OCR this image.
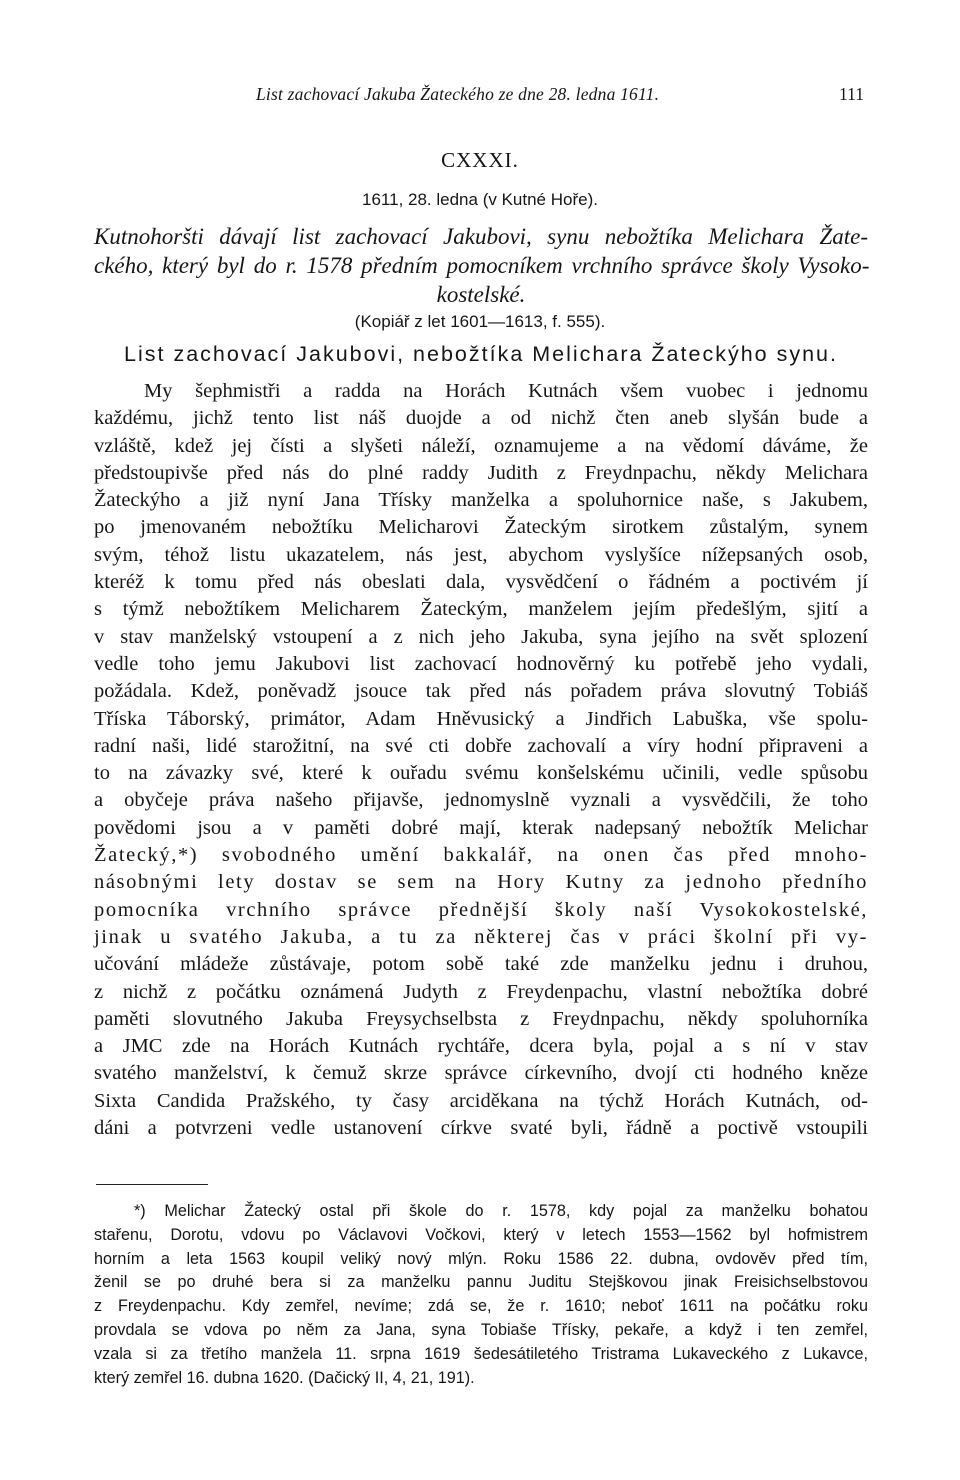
List zachovací Jakuba Žateckého ze dne 28. ledna 1611.	111
CXXXI.
1611, 28. ledna (v Kutné Hoře).
Kutnohoršti dávají list zachovací Jakubovi, synu nebožtíka Melichara Žate-
ckého, který byl do r. 1578 předním pomocníkem vrchního správce školy Vysoko-
kostelské.
(Kopiář z let 1601—1613, f. 555).
List zachovací Jakubovi, nebožtíka Melichara Žateckýho synu.
My šephmistři a radda na Horách Kutnách všem vuobec i jednomu
každému, jichž tento list náš duojde a od nichž čten aneb slyšán bude a
vzláště, kdež jej čísti a slyšeti náleží, oznamujeme a na vědomí dáváme, že
předstoupivše před nás do plné raddy Judith z Freydnpachu, někdy Melichara
Žateckýho a již nyní Jana Třísky manželka a spoluhornice naše, s Jakubem,
po jmenovaném nebožtíku Melicharovi Žateckým sirotkem zůstalým, synem
svým, téhož listu ukazatelem, nás jest, abychom vyslyšíce nížepsaných osob,
kteréž k tomu před nás obeslati dala, vysvědčení o řádném a poctivém jí
s týmž nebožtíkem Melicharem Žateckým, manželem jejím předešlým, sjití a
v stav manželský vstoupení a z nich jeho Jakuba, syna jejího na svět splození
vedle toho jemu Jakubovi list zachovací hodnověrný ku potřebě jeho vydali,
požádala. Kdež, poněvadž jsouce tak před nás pořadem práva slovutný Tobiáš
Tříska Táborský, primátor, Adam Hněvusický a Jindřich Labuška, vše spolu-
radní naši, lidé starožitní, na své cti dobře zachovalí a víry hodní připraveni a
to na závazky své, které k ouřadu svému konšelskému učinili, vedle spůsobu
a obyčeje práva našeho přijavše, jednomyslně vyznali a vysvědčili, že toho
povědomi jsou a v paměti dobré mají, kterak nadepsaný nebožtík Melichar
Žatecký,*) svobodného umění bakkalář, na onen čas před mnoho-
násobnými lety dostav se sem na Hory Kutny za jednoho předního
pomocníka vrchního správce přednější školy naší Vysokokostelské,
jinak u svatého Jakuba, a tu za některej čas v práci školní při vy-
učování mládeže zůstávaje, potom sobě také zde manželku jednu i druhou,
z nichž z počátku oznámená Judyth z Freydenpachu, vlastní nebožtíka dobré
paměti slovutného Jakuba Freysychselbsta z Freydnpachu, někdy spoluhorníka
a JMC zde na Horách Kutnách rychtáře, dcera byla, pojal a s ní v stav
svatého manželství, k čemuž skrze správce církevního, dvojí cti hodného kněze
Sixta Candida Pražského, ty časy arciděkana na týchž Horách Kutnách, od-
dáni a potvrzeni vedle ustanovení církve svaté byli, řádně a poctivě vstoupili
*) Melichar Žatecký ostal při škole do r. 1578, kdy pojal za manželku bohatou
stařenu, Dorotu, vdovu po Václavovi Vočkovi, který v letech 1553—1562 byl hofmistrem
horním a leta 1563 koupil veliký nový mlýn. Roku 1586 22. dubna, ovdověv před tím,
ženil se po druhé bera si za manželku pannu Juditu Stejškovou jinak Freisichselbstovou
z Freydenpachu. Kdy zemřel, nevíme; zdá se, že r. 1610; neboť 1611 na počátku roku
provdala se vdova po něm za Jana, syna Tobiaše Třísky, pekaře, a když i ten zemřel,
vzala si za třetího manžela 11. srpna 1619 šedesátiletého Tristrama Lukaveckého z Lukavce,
který zemřel 16. dubna 1620. (Dačický II, 4, 21, 191).
